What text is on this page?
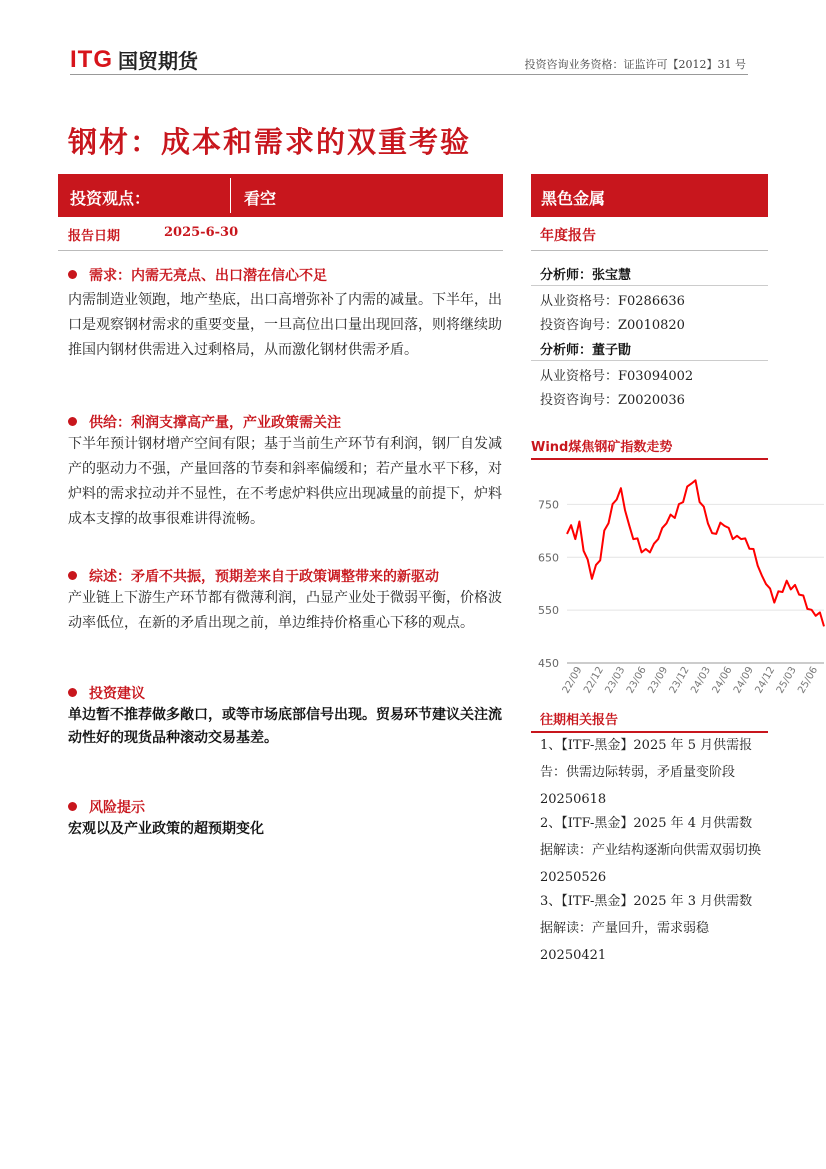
ITG 国贸期货	投资咨询业务资格：证监许可【2012】31 号
钢材：成本和需求的双重考验
投资观点：	看空	黑色金属
报告日期	2025-6-30	年度报告
需求：内需无亮点、出口潜在信心不足
内需制造业领跑，地产垫底，出口高增弥补了内需的减量。下半年，出口是观察钢材需求的重要变量，一旦高位出口量出现回落，则将继续助推国内钢材供需进入过剩格局，从而激化钢材供需矛盾。
供给：利润支撑高产量，产业政策需关注
下半年预计钢材增产空间有限；基于当前生产环节有利润，钢厂自发减产的驱动力不强，产量回落的节奏和斜率偏缓和；若产量水平下移，对炉料的需求拉动并不显性，在不考虑炉料供应出现减量的前提下，炉料成本支撑的故事很难讲得流畅。
综述：矛盾不共振，预期差来自于政策调整带来的新驱动
产业链上下游生产环节都有微薄利润，凸显产业处于微弱平衡，价格波动率低位，在新的矛盾出现之前，单边维持价格重心下移的观点。
投资建议
单边暂不推荐做多敞口，或等市场底部信号出现。贸易环节建议关注流动性好的现货品种滚动交易基差。
风险提示
宏观以及产业政策的超预期变化
分析师：张宝慧
从业资格号：F0286636
投资咨询号：Z0010820
分析师：董子勖
从业资格号：F03094002
投资咨询号：Z0020036
Wind煤焦钢矿指数走势
750
650
550
450
22/09
22/12
23/03
23/06
23/09
23/12
24/03
24/06
24/09
24/12
25/03
25/06
往期相关报告
1、【ITF-黑金】2025 年 5 月供需报告：供需边际转弱，矛盾量变阶段 20250618
2、【ITF-黑金】2025 年 4 月供需数据解读：产业结构逐渐向供需双弱切换 20250526
3、【ITF-黑金】2025 年 3 月供需数据解读：产量回升，需求弱稳 20250421
